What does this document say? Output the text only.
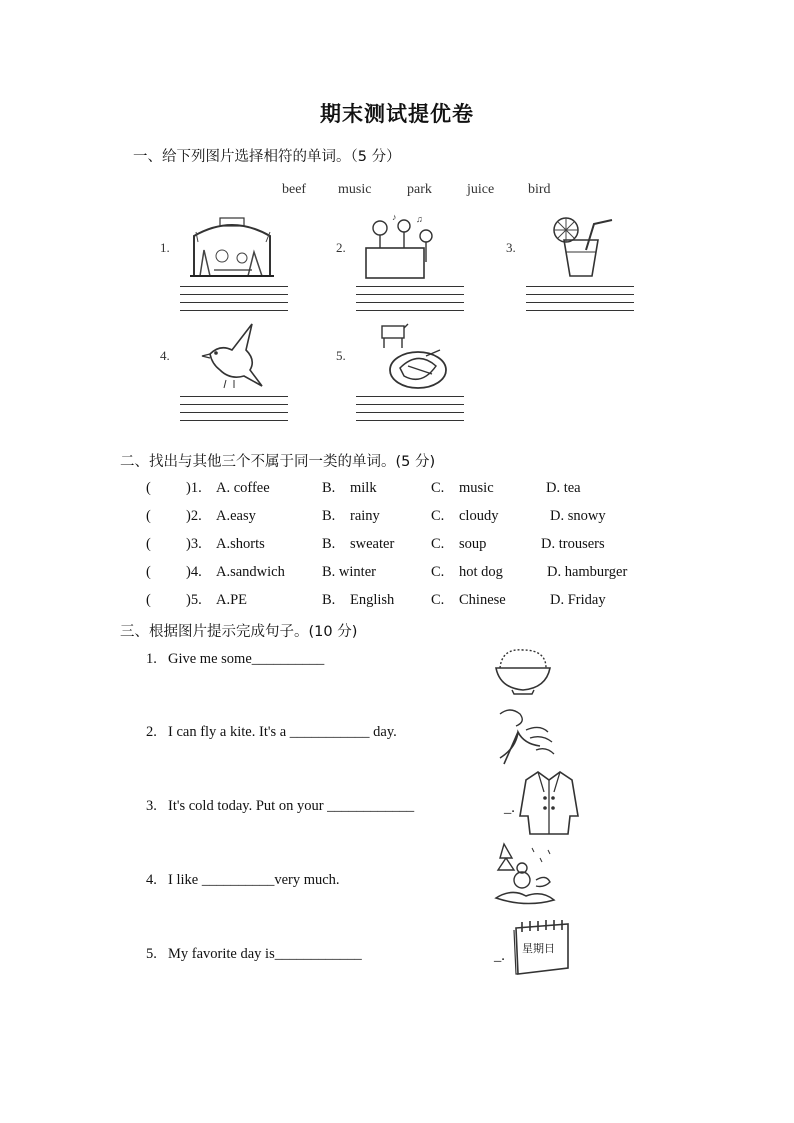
期末测试提优卷
一、给下列图片选择相符的单词。（5 分）
beef music	park	juice bird
1.	2.
♪ ♫
3.
4.	5.
二、找出与其他三个不属于同一类的单词。(5 分)
( )1. A. coffee	B. milk	C. music	D. tea
( )2. A.easy	B. rainy	C. cloudy	D. snowy
( )3. A.shorts	B. sweater	C. soup	D. trousers
( )4. A.sandwich	B. winter	C. hot dog	D. hamburger
( )5. A.PE	B. English	C. Chinese	D. Friday
三、根据图片提示完成句子。(10 分)
1. Give me some__________
2. I can fly a kite. It's a ___________ day.
3. It's cold today. Put on your ____________	_.
4. I like __________very much.
5. My favorite day is____________	_. 星期日
